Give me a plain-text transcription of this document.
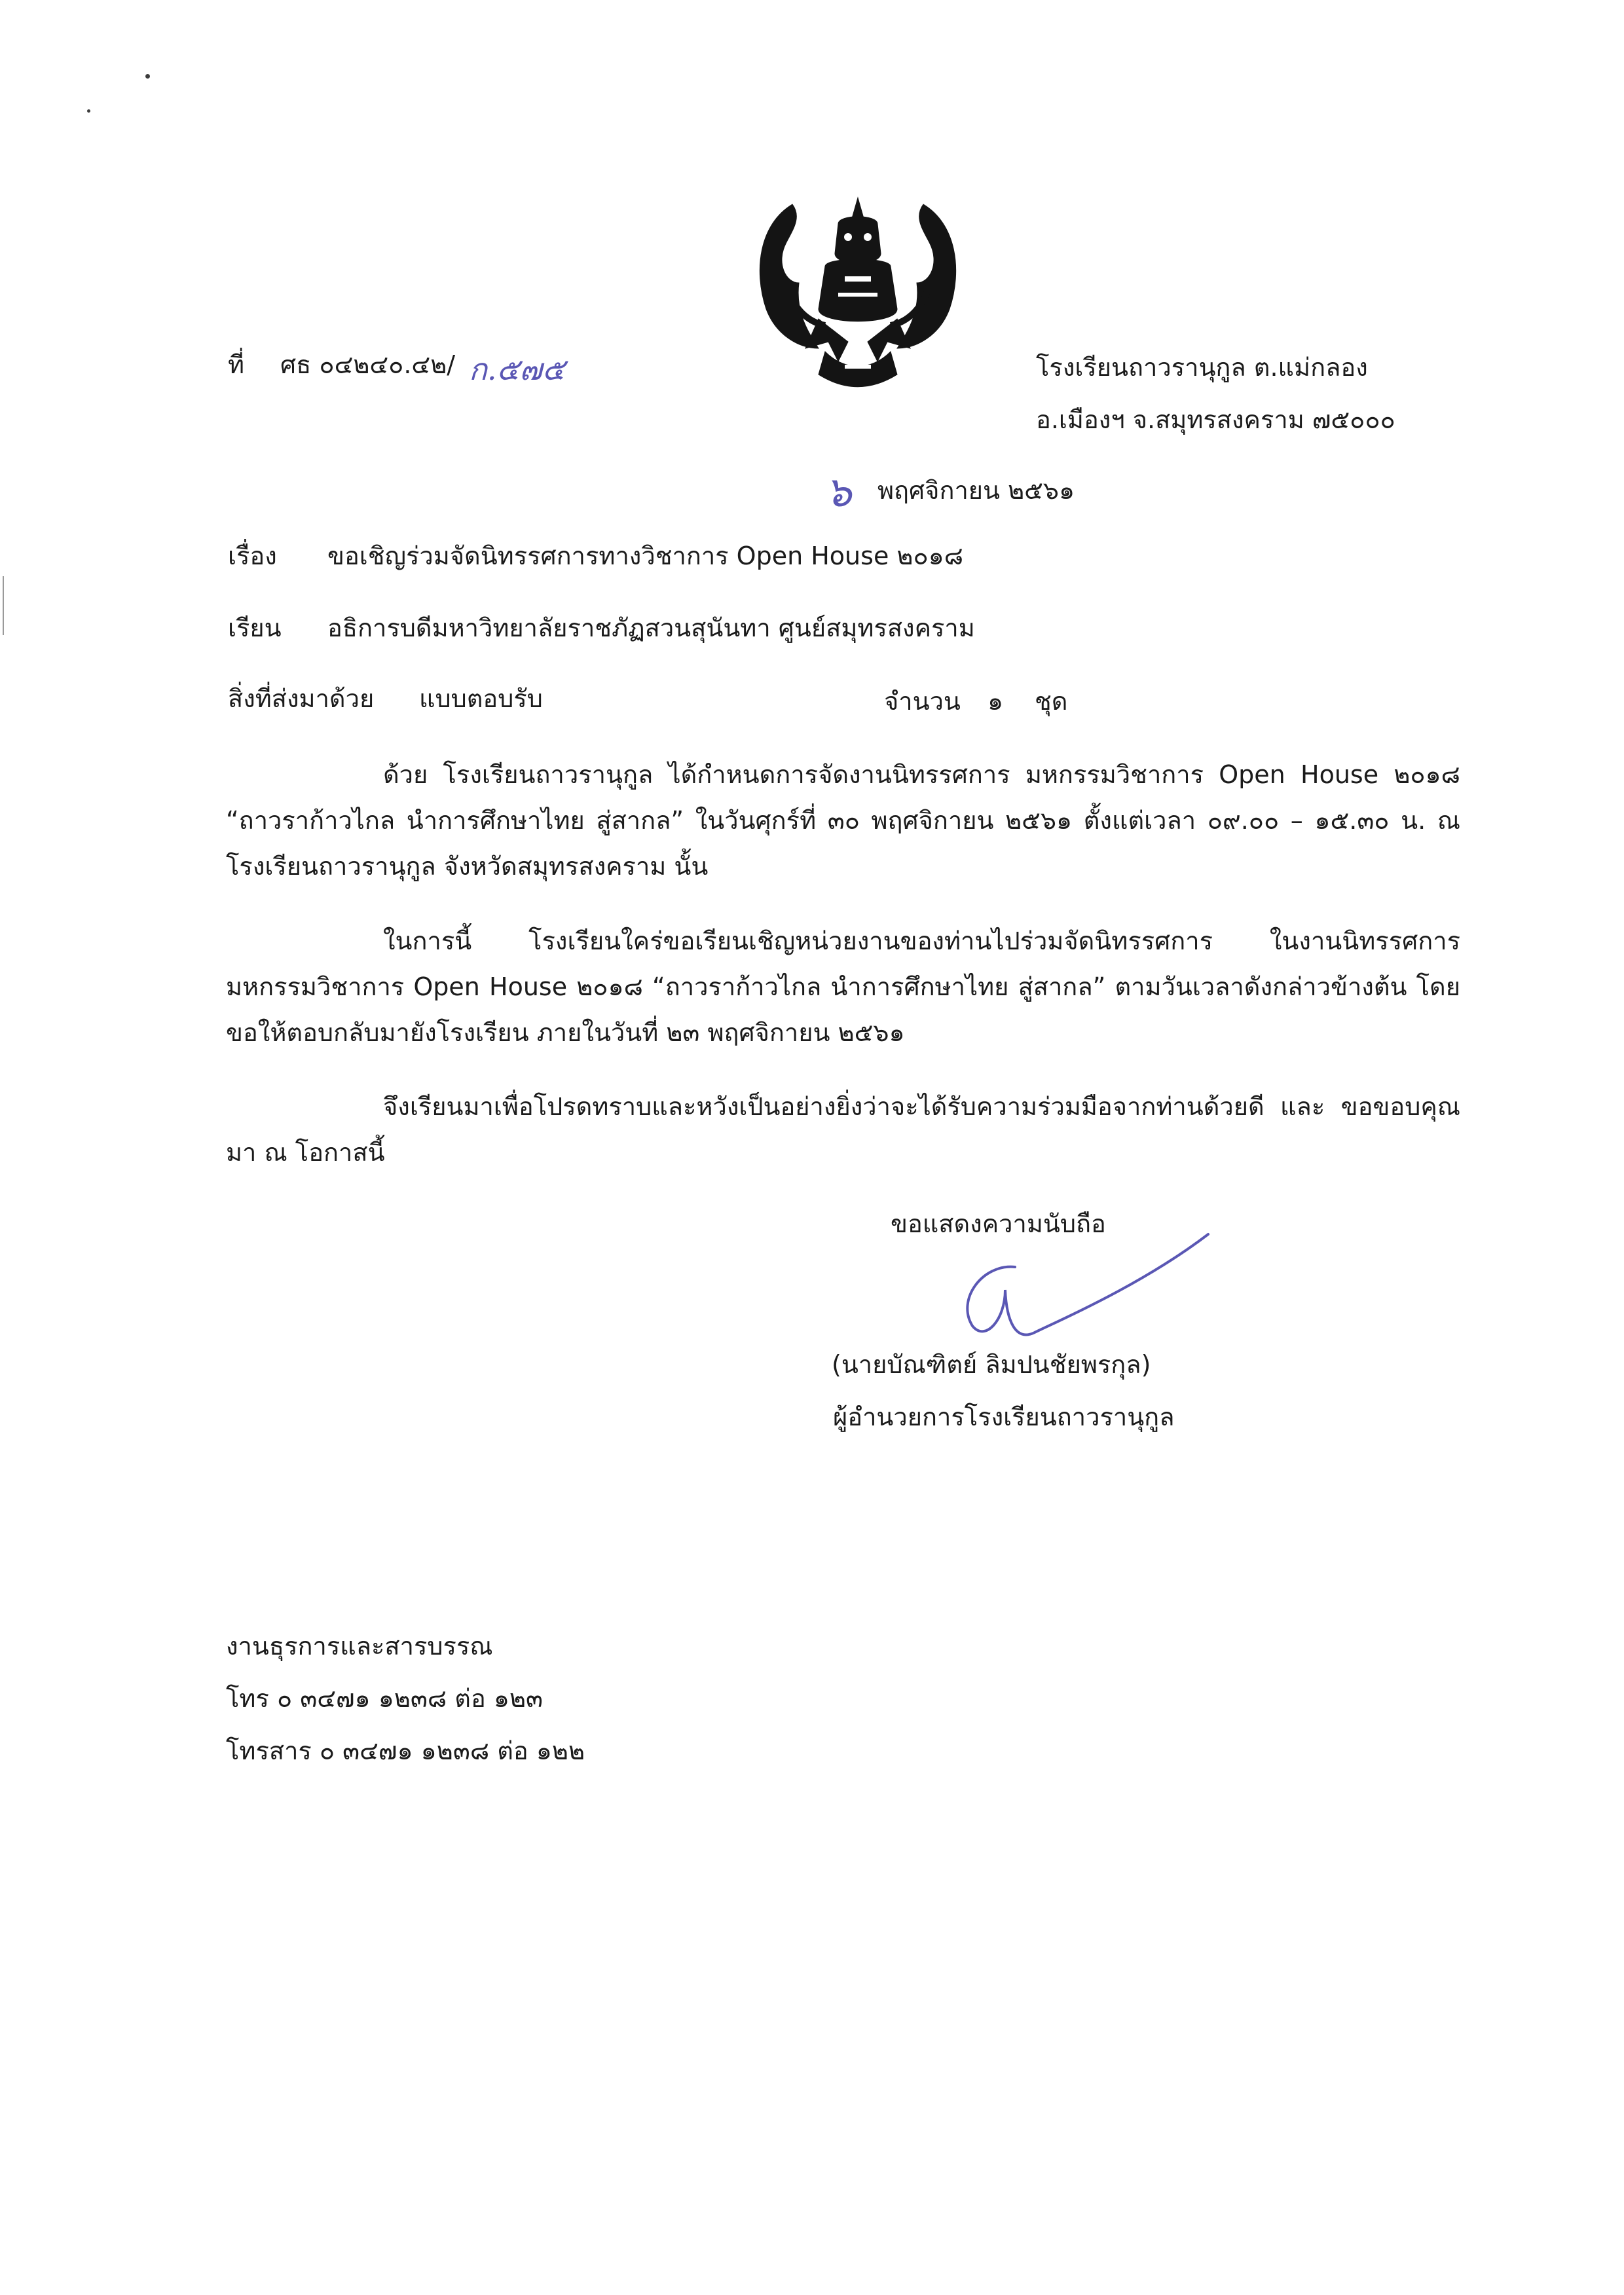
ที่ ศธ ๐๔๒๔๐.๔๒/ ก.๕๗๕	โรงเรียนถาวรานุกูล ต.แม่กลอง
อ.เมืองฯ จ.สมุทรสงคราม ๗๕๐๐๐
๖ พฤศจิกายน ๒๕๖๑
เรื่อง ขอเชิญร่วมจัดนิทรรศการทางวิชาการ Open House ๒๐๑๘
เรียน อธิการบดีมหาวิทยาลัยราชภัฏสวนสุนันทา ศูนย์สมุทรสงคราม
สิ่งที่ส่งมาด้วย แบบตอบรับ	จำนวน ๑ ชุด
ด้วย โรงเรียนถาวรานุกูล ได้กำหนดการจัดงานนิทรรศการ มหกรรมวิชาการ Open House ๒๐๑๘ “ถาวราก้าวไกล นำการศึกษาไทย สู่สากล” ในวันศุกร์ที่ ๓๐ พฤศจิกายน ๒๕๖๑ ตั้งแต่เวลา ๐๙.๐๐ – ๑๕.๓๐ น. ณ โรงเรียนถาวรานุกูล จังหวัดสมุทรสงคราม นั้น
ในการนี้ โรงเรียนใคร่ขอเรียนเชิญหน่วยงานของท่านไปร่วมจัดนิทรรศการ ในงานนิทรรศการ มหกรรมวิชาการ Open House ๒๐๑๘ “ถาวราก้าวไกล นำการศึกษาไทย สู่สากล” ตามวันเวลาดังกล่าวข้างต้น โดยขอให้ตอบกลับมายังโรงเรียน ภายในวันที่ ๒๓ พฤศจิกายน ๒๕๖๑
จึงเรียนมาเพื่อโปรดทราบและหวังเป็นอย่างยิ่งว่าจะได้รับความร่วมมือจากท่านด้วยดี และ ขอขอบคุณมา ณ โอกาสนี้
ขอแสดงความนับถือ
(นายบัณฑิตย์ ลิมปนชัยพรกุล)
ผู้อำนวยการโรงเรียนถาวรานุกูล
งานธุรการและสารบรรณ
โทร ๐ ๓๔๗๑ ๑๒๓๘ ต่อ ๑๒๓
โทรสาร ๐ ๓๔๗๑ ๑๒๓๘ ต่อ ๑๒๒
